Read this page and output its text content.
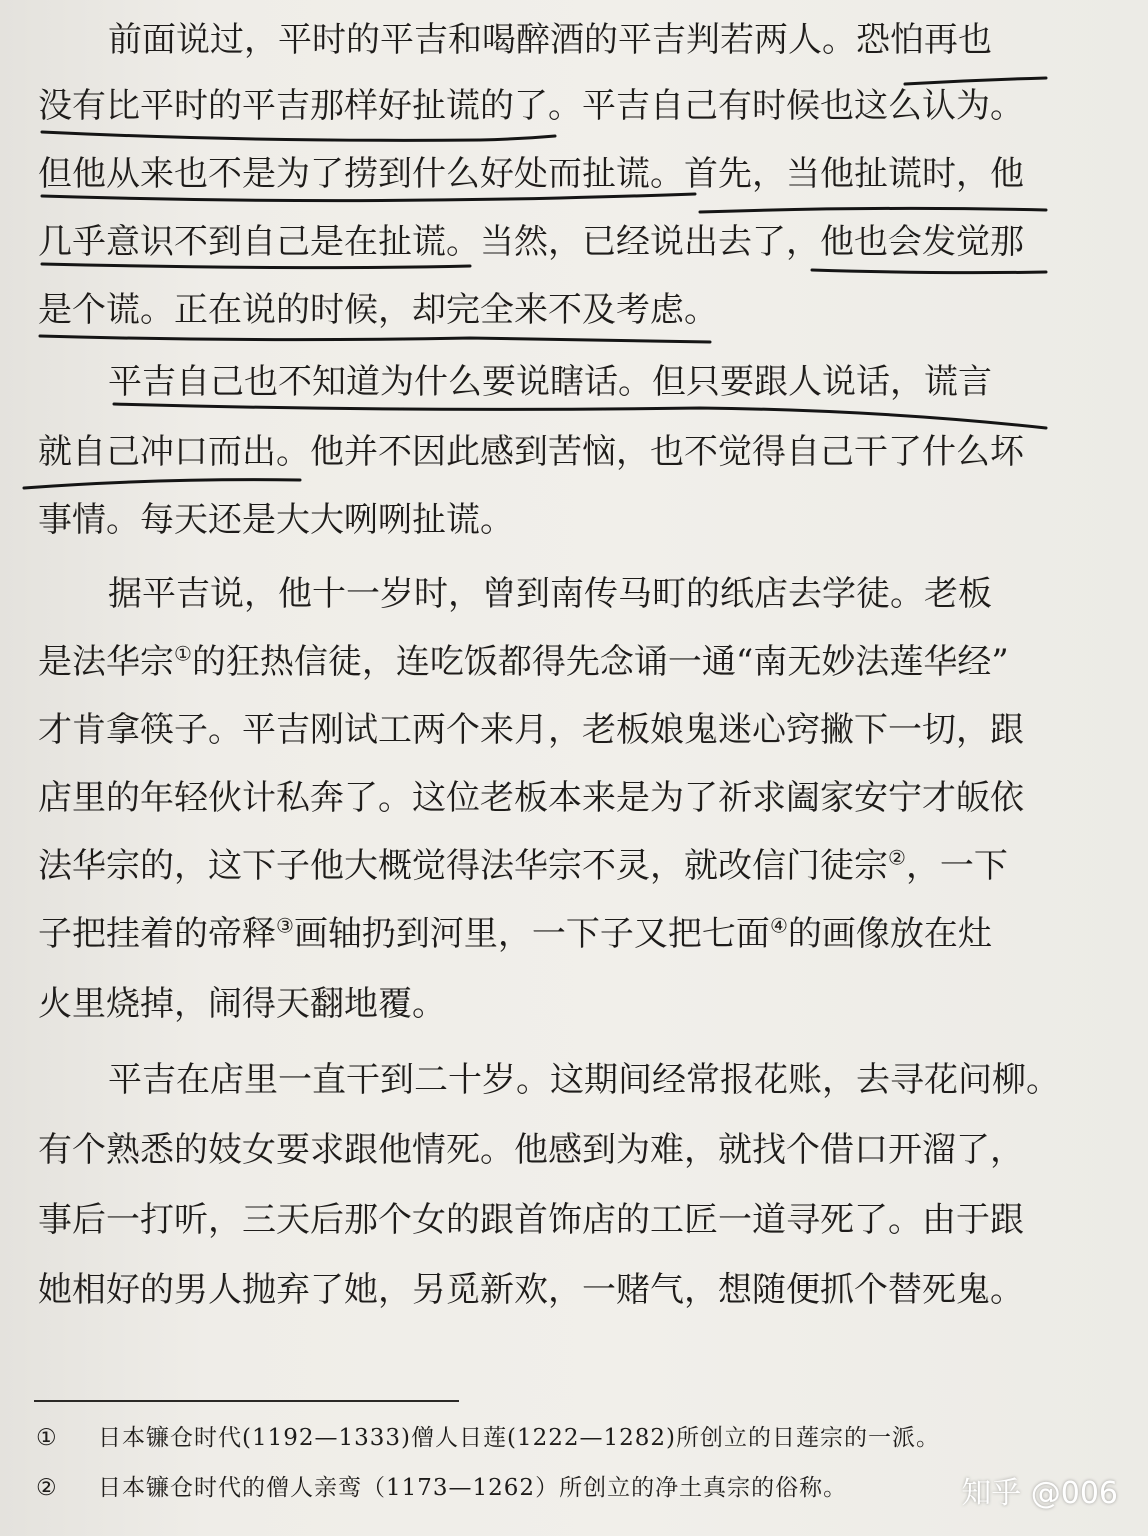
前面说过，平时的平吉和喝醉酒的平吉判若两人。恐怕再也
没有比平时的平吉那样好扯谎的了。平吉自己有时候也这么认为。
但他从来也不是为了捞到什么好处而扯谎。首先，当他扯谎时，他
几乎意识不到自己是在扯谎。当然，已经说出去了，他也会发觉那
是个谎。正在说的时候，却完全来不及考虑。
平吉自己也不知道为什么要说瞎话。但只要跟人说话，谎言
就自己冲口而出。他并不因此感到苦恼，也不觉得自己干了什么坏
事情。每天还是大大咧咧扯谎。
据平吉说，他十一岁时，曾到南传马町的纸店去学徒。老板
是法华宗①的狂热信徒，连吃饭都得先念诵一通“南无妙法莲华经”
才肯拿筷子。平吉刚试工两个来月，老板娘鬼迷心窍撇下一切，跟
店里的年轻伙计私奔了。这位老板本来是为了祈求阖家安宁才皈依
法华宗的，这下子他大概觉得法华宗不灵，就改信门徒宗②，一下
子把挂着的帝释③画轴扔到河里，一下子又把七面④的画像放在灶
火里烧掉，闹得天翻地覆。
平吉在店里一直干到二十岁。这期间经常报花账，去寻花问柳。
有个熟悉的妓女要求跟他情死。他感到为难，就找个借口开溜了，
事后一打听，三天后那个女的跟首饰店的工匠一道寻死了。由于跟
她相好的男人抛弃了她，另觅新欢，一赌气，想随便抓个替死鬼。
① 日本镰仓时代(1192—1333)僧人日莲(1222—1282)所创立的日莲宗的一派。
② 日本镰仓时代的僧人亲鸾（1173—1262）所创立的净土真宗的俗称。	知乎 @006
